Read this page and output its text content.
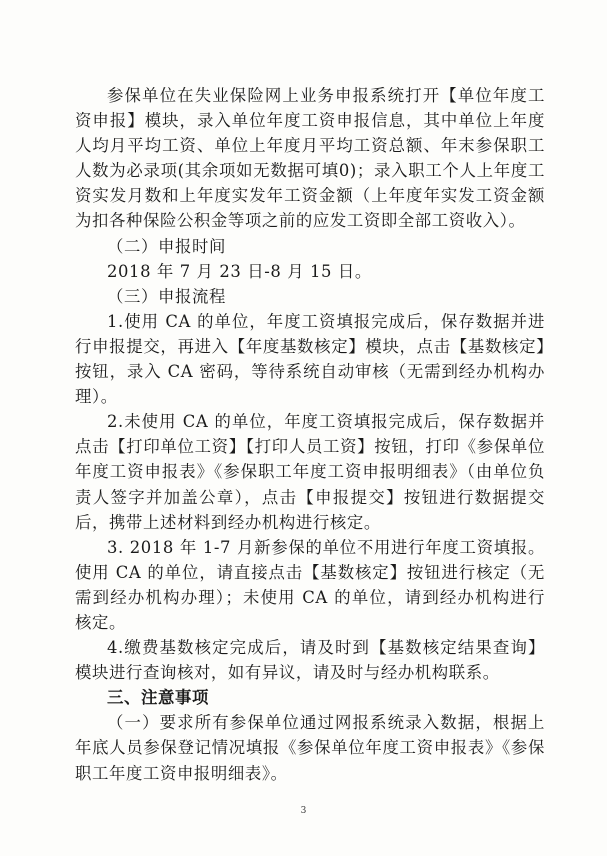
参保单位在失业保险网上业务申报系统打开【单位年度工资申报】模块，录入单位年度工资申报信息，其中单位上年度人均月平均工资、单位上年度月平均工资总额、年末参保职工人数为必录项(其余项如无数据可填0)；录入职工个人上年度工资实发月数和上年度实发年工资金额（上年度年实发工资金额为扣各种保险公积金等项之前的应发工资即全部工资收入）。

（二）申报时间

2018 年 7 月 23 日-8 月 15 日。

（三）申报流程

1.使用 CA 的单位，年度工资填报完成后，保存数据并进行申报提交，再进入【年度基数核定】模块，点击【基数核定】按钮，录入 CA 密码，等待系统自动审核（无需到经办机构办理）。

2.未使用 CA 的单位，年度工资填报完成后，保存数据并点击【打印单位工资】【打印人员工资】按钮，打印《参保单位年度工资申报表》《参保职工年度工资申报明细表》（由单位负责人签字并加盖公章），点击【申报提交】按钮进行数据提交后，携带上述材料到经办机构进行核定。

3. 2018 年 1-7 月新参保的单位不用进行年度工资填报。使用 CA 的单位，请直接点击【基数核定】按钮进行核定（无需到经办机构办理）；未使用 CA 的单位，请到经办机构进行核定。

4.缴费基数核定完成后，请及时到【基数核定结果查询】模块进行查询核对，如有异议，请及时与经办机构联系。

三、注意事项

（一）要求所有参保单位通过网报系统录入数据，根据上年底人员参保登记情况填报《参保单位年度工资申报表》《参保职工年度工资申报明细表》。

3
